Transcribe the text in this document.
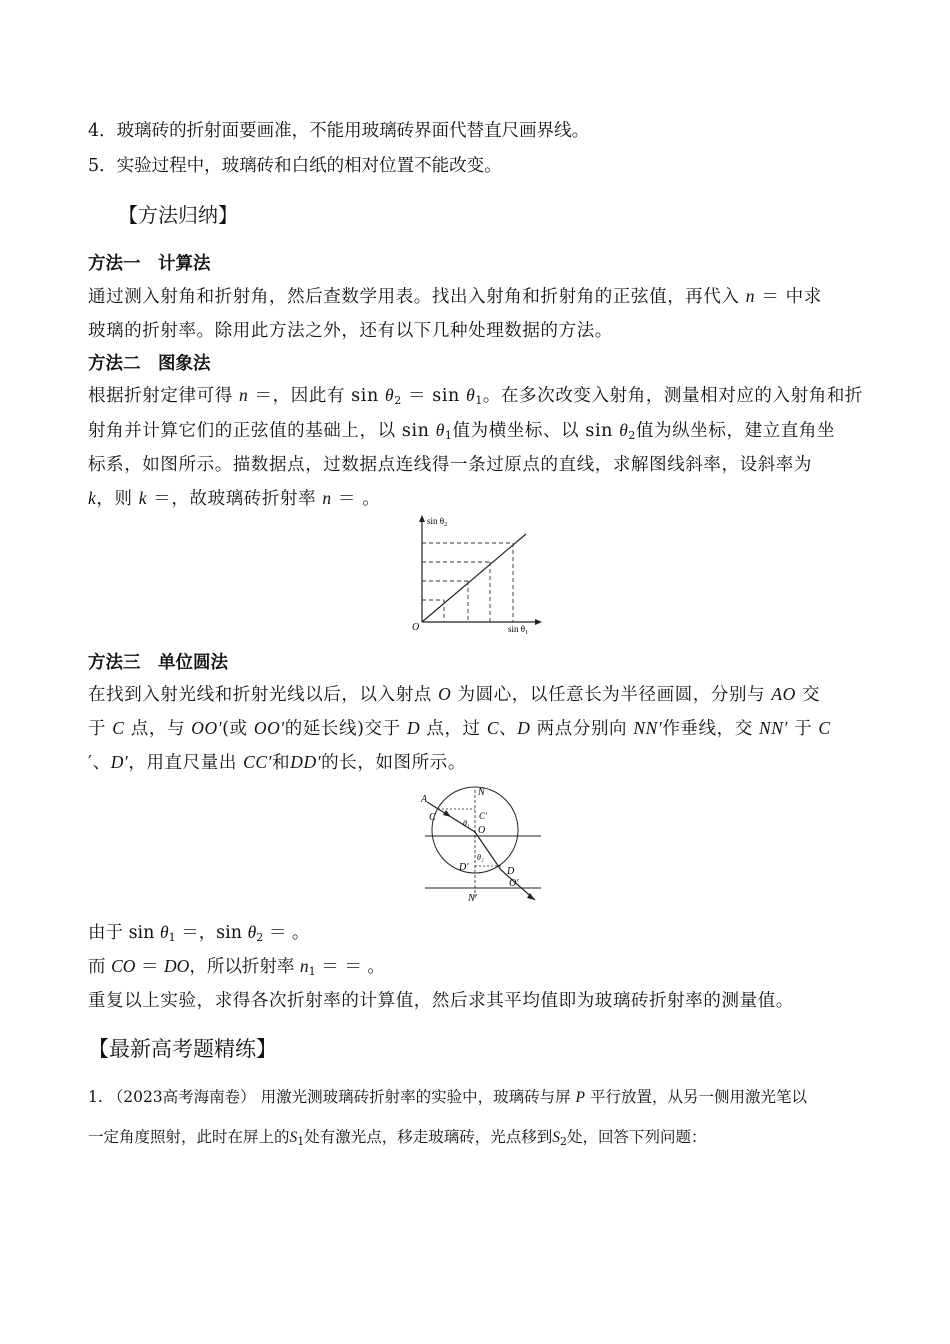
4．玻璃砖的折射面要画准，不能用玻璃砖界面代替直尺画界线。
5．实验过程中，玻璃砖和白纸的相对位置不能改变。
【方法归纳】
方法一　计算法
通过测入射角和折射角，然后查数学用表。找出入射角和折射角的正弦值，再代入 n ＝ 中求
玻璃的折射率。除用此方法之外，还有以下几种处理数据的方法。
方法二　图象法
根据折射定律可得 n ＝，因此有 $\sin \theta_2 = \sin \theta_1$。在多次改变入射角，测量相对应的入射角和折
射角并计算它们的正弦值的基础上，以 $\sin \theta_1$值为横坐标、以 $\sin \theta_2$值为纵坐标，建立直角坐
标系，如图所示。描数据点，过数据点连线得一条过原点的直线，求解图线斜率，设斜率为
k，则 k ＝，故玻璃砖折射率 n ＝ 。
$\sin \theta_2$
$\sin \theta_1$
O
方法三　单位圆法
在找到入射光线和折射光线以后，以入射点 O 为圆心，以任意长为半径画圆，分别与 AO 交
于 C 点，与 OO′(或 OO′的延长线)交于 D 点，过 C、D 两点分别向 NN′作垂线，交 NN′ 于 C
′、D′，用直尺量出 CC′和DD′的长，如图所示。
A
N
C	C′
θ₁
O
θ₂
D′	D
O′
N′
由于 $\sin \theta_1$ ＝，$\sin \theta_2$ ＝ 。
而 CO ＝ DO，所以折射率 $n_1$ ＝ ＝ 。
重复以上实验，求得各次折射率的计算值，然后求其平均值即为玻璃砖折射率的测量值。
【最新高考题精练】
1. （2023高考海南卷） 用激光测玻璃砖折射率的实验中，玻璃砖与屏 P 平行放置，从另一侧用激光笔以
一定角度照射，此时在屏上的$S_1$处有激光点，移走玻璃砖，光点移到$S_2$处，回答下列问题：
